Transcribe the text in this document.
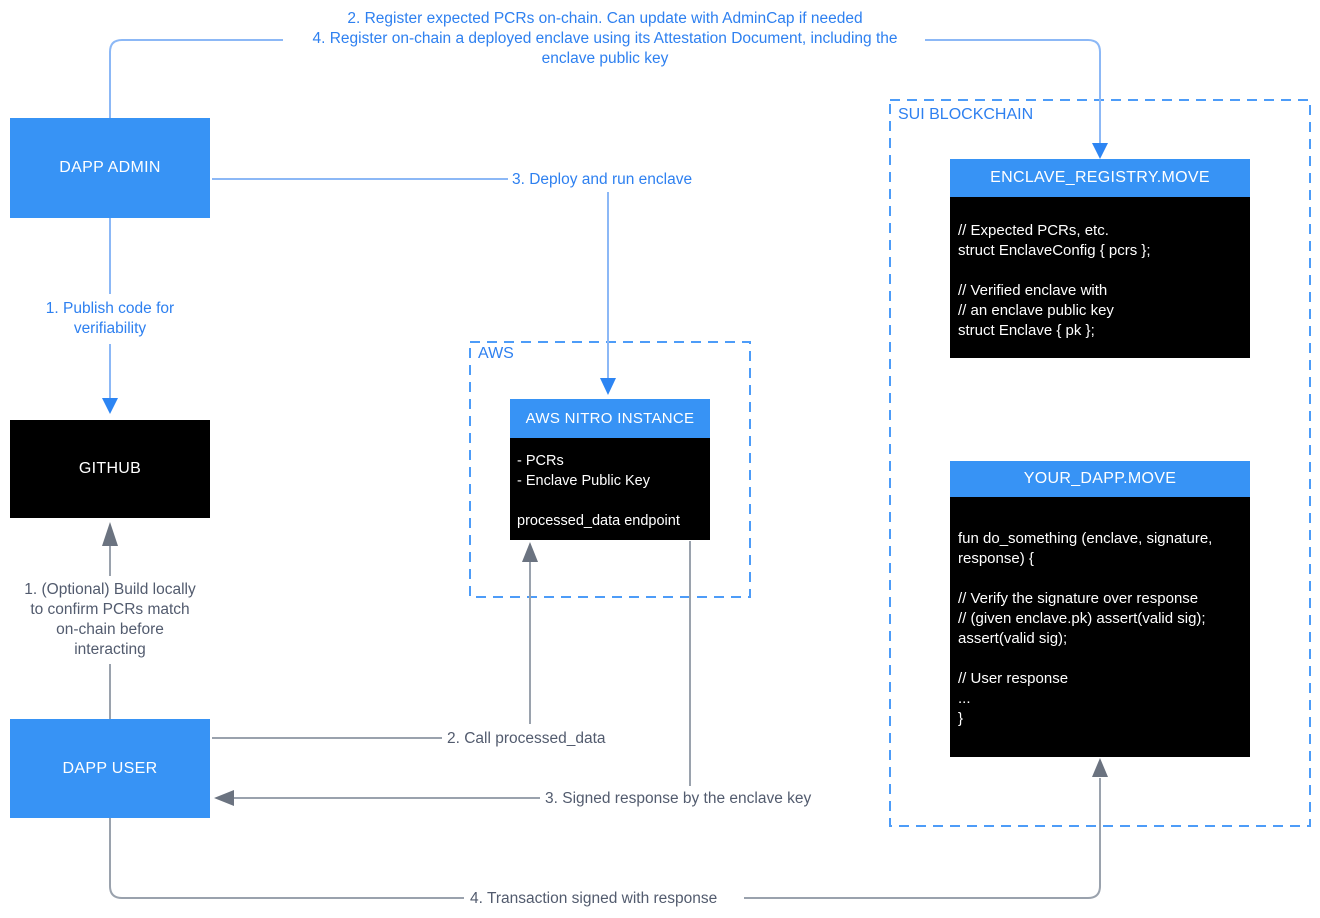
2. Register expected PCRs on-chain. Can update with AdminCap if needed
4. Register on-chain a deployed enclave using its Attestation Document, including the
enclave public key
DAPP ADMIN
GITHUB
DAPP USER
AWS
AWS NITRO INSTANCE
- PCRs
- Enclave Public Key
processed_data endpoint
SUI BLOCKCHAIN
ENCLAVE_REGISTRY.MOVE
// Expected PCRs, etc.
struct EnclaveConfig { pcrs };
// Verified enclave with
// an enclave public key
struct Enclave { pk };
YOUR_DAPP.MOVE
fun do_something (enclave, signature,
response) {
// Verify the signature over response
// (given enclave.pk) assert(valid sig);
assert(valid sig);
// User response
...
}
1. Publish code for verifiability
3. Deploy and run enclave
1. (Optional) Build locally to confirm PCRs match on-chain before interacting
2. Call processed_data
3. Signed response by the enclave key
4. Transaction signed with response
